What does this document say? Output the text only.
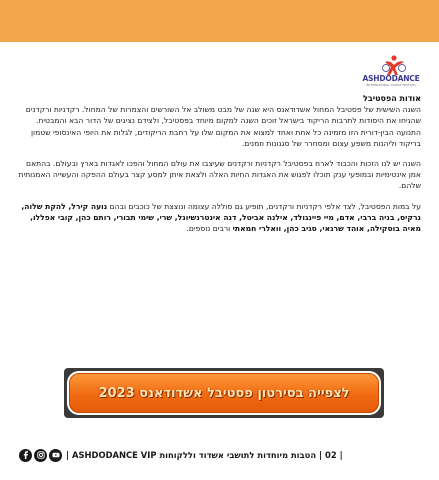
ASHDODANCE
INTERNATIONAL DANCE FESTIVAL
אודות הפסטיבל
השנה השישית של פסטיבל המחול אשדודאנס היא שנה של מבט משולב אל השורשים והצמרות של המחול. רקדניות ורקדנים שהניחו את היסודות לתרבות הריקוד בישראל זוכים השנה למקום מיוחד בפסטיבל, ולצידם נציגים של הדור הבא והמבטיח. התנועה הבין-דורית הזו מזמינה כל אחת ואחד למצוא את המקום שלו על רחבת הריקודים, לגלות את היופי האינסופי שטמון בריקוד וליהנות משפע עצום ומסחרר של סגנונות וזמנים.
השנה יש לנו הזכות והכבוד לארח בפסטיבל רקדניות ורקדנים שעיצבו את עולם המחול והפכו לאגדות בארץ ובעולם. בהתאם אמן אינטימיות ובמופעי ענק תוכלו לפגוש את האגדות החיות האלה ולצאת איתן למסע קצר בעולם ההפקה והעשייה האמנותית שלהם.
על במות הפסטיבל, לצד אלפי רקדניות ורקדנים, תופיע גם סוללה עצומה ונוצצת של כוכבים ובהם נועה קירל, להקת שלוה, נרקיס, בניה ברבי, אדם, מיי פיינגולד, אילנה אביטל, דנה אינטרנשיונל, שרי, שימי תבורי, רותם כהן, קובי אפללו, מאיה בוסקילה, אוהד שרגאי, סגיב כהן, וואלרי חמאתי ורבים נוספים.
לצפייה בסירטון פסטיבל אשדודאנס 2023
| 02 | הטבות מיוחדות לתושבי אשדוד וללקוחות ASHDODANCE VIP |
